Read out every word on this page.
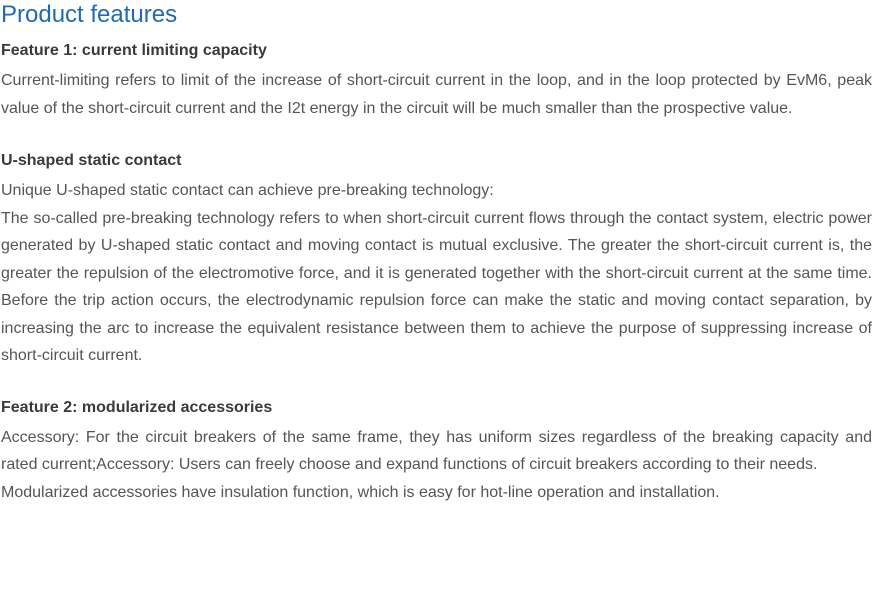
Product features
Feature 1: current limiting capacity

Current-limiting refers to limit of the increase of short-circuit current in the loop, and in the loop protected by EvM6, peak value of the short-circuit current and the I2t energy in the circuit will be much smaller than the prospective value.

U-shaped static contact

Unique U-shaped static contact can achieve pre-breaking technology:

The so-called pre-breaking technology refers to when short-circuit current flows through the contact system, electric power generated by U-shaped static contact and moving contact is mutual exclusive. The greater the short-circuit current is, the greater the repulsion of the electromotive force, and it is generated together with the short-circuit current at the same time. Before the trip action occurs, the electrodynamic repulsion force can make the static and moving contact separation, by increasing the arc to increase the equivalent resistance between them to achieve the purpose of suppressing increase of short-circuit current.

Feature 2: modularized accessories

Accessory: For the circuit breakers of the same frame, they has uniform sizes regardless of the breaking capacity and rated current;Accessory: Users can freely choose and expand functions of circuit breakers according to their needs.

Modularized accessories have insulation function, which is easy for hot-line operation and installation.
